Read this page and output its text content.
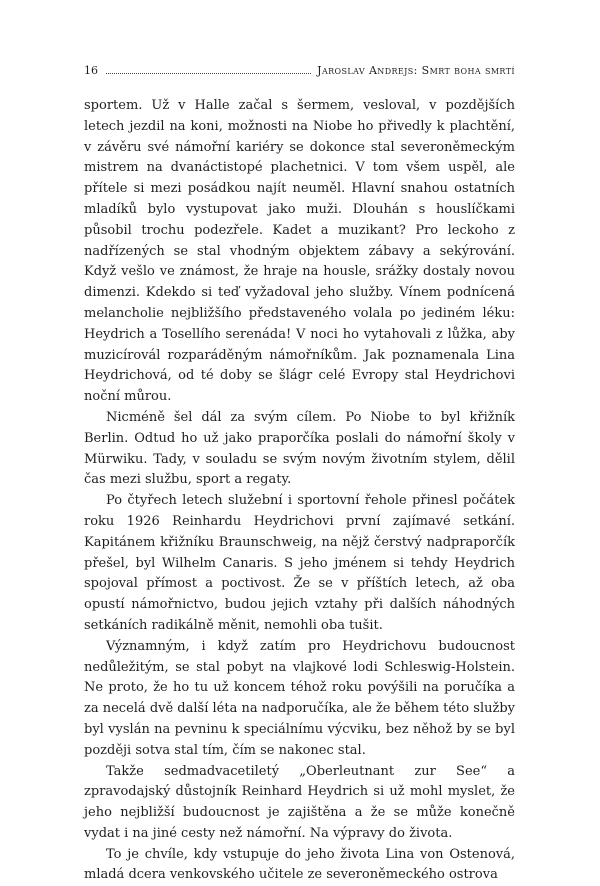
16	Jaroslav Andrejs: Smrt boha smrtí

sportem. Už v Halle začal s šermem, vesloval, v pozdějších letech jezdil na koni, možnosti na Niobe ho přivedly k plachtění, v závěru své námořní kariéry se dokonce stal severoněmeckým mistrem na dvanáctistopé plachetnici. V tom všem uspěl, ale přítele si mezi posádkou najít neuměl. Hlavní snahou ostatních mladíků bylo vystupovat jako muži. Dlouhán s houslíčkami působil trochu podezřele. Kadet a muzikant? Pro leckoho z nadřízených se stal vhodným objektem zábavy a sekýrování. Když vešlo ve známost, že hraje na housle, srážky dostaly novou dimenzi. Kdekdo si teď vyžadoval jeho služby. Vínem podnícená melancholie nejbližšího představeného volala po jediném léku: Heydrich a Tosellího serenáda! V noci ho vytahovali z lůžka, aby muzicírovál rozparáděným námořníkům. Jak poznamenala Lina Heydrichová, od té doby se šlágr celé Evropy stal Heydrichovi noční můrou.

Nicméně šel dál za svým cílem. Po Niobe to byl křižník Berlin. Odtud ho už jako praporčíka poslali do námořní školy v Mürwiku. Tady, v souladu se svým novým životním stylem, dělil čas mezi službu, sport a regaty.

Po čtyřech letech služební i sportovní řehole přinesl počátek roku 1926 Reinhardu Heydrichovi první zajímavé setkání. Kapitánem křižníku Braunschweig, na nějž čerstvý nadpraporčík přešel, byl Wilhelm Canaris. S jeho jménem si tehdy Heydrich spojoval přímost a poctivost. Že se v příštích letech, až oba opustí námořnictvo, budou jejich vztahy při dalších náhodných setkáních radikálně měnit, nemohli oba tušit.

Významným, i když zatím pro Heydrichovu budoucnost nedůležitým, se stal pobyt na vlajkové lodi Schleswig-Holstein. Ne proto, že ho tu už koncem téhož roku povýšili na poručíka a za necelá dvě další léta na nadporučíka, ale že během této služby byl vyslán na pevninu k speciálnímu výcviku, bez něhož by se byl později sotva stal tím, čím se nakonec stal.

Takže sedmadvacetiletý „Oberleutnant zur See“ a zpravodajský důstojník Reinhard Heydrich si už mohl myslet, že jeho nejbližší budoucnost je zajištěna a že se může konečně vydat i na jiné cesty než námořní. Na výpravy do života.

To je chvíle, kdy vstupuje do jeho života Lina von Ostenová, mladá dcera venkovského učitele ze severoněmeckého ostrova
